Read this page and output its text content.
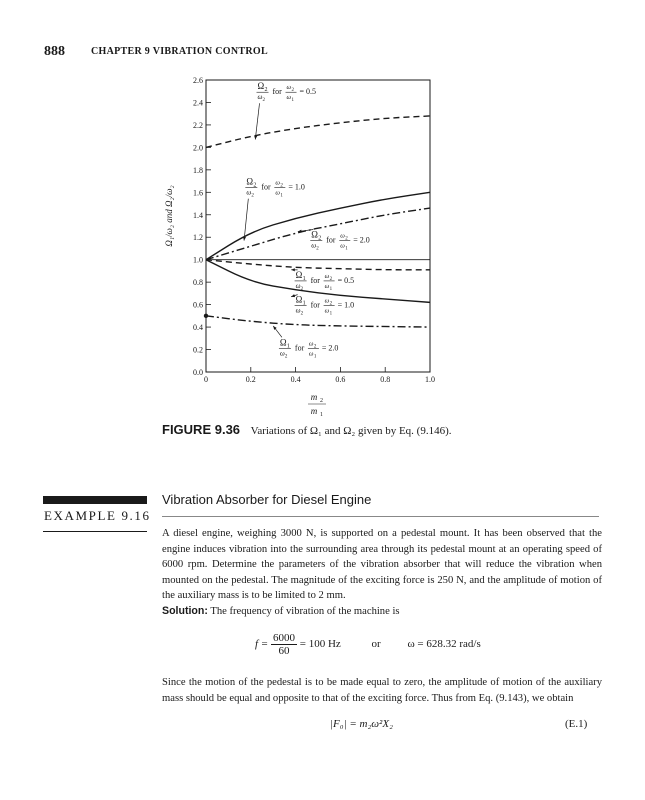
888	CHAPTER 9 VIBRATION CONTROL
0.0
0.2
0.4
0.6
0.8
1.0
1.2
1.4
1.6
1.8
2.0
2.2
2.4
2.6
0	0.2	0.4	0.6	0.8	1.0
Ω 2
ω 2
for ω 2
ω 1
= 0.5
Ω 2
ω 2
for ω 2
ω 1
= 1.0
Ω 2
ω 2
for ω 2
ω 1
= 2.0
Ω 1
ω 2
for ω 2
ω 1
= 0.5
Ω 1
ω 2
for ω 2
ω 1
= 1.0
Ω 1
ω 2
for ω 2
ω 1
= 2.0
Ω₁/ω₂ and Ω₂/ω₂
m 2
m 1
FIGURE 9.36 Variations of Ω₁ and Ω₂ given by Eq. (9.146).
EXAMPLE 9.16
Vibration Absorber for Diesel Engine
A diesel engine, weighing 3000 N, is supported on a pedestal mount. It has been observed that the engine induces vibration into the surrounding area through its pedestal mount at an operating speed of 6000 rpm. Determine the parameters of the vibration absorber that will reduce the vibration when mounted on the pedestal. The magnitude of the exciting force is 250 N, and the amplitude of motion of the auxiliary mass is to be limited to 2 mm.
Solution: The frequency of vibration of the machine is
$f = \frac{6000}{60} = 100$ Hz	or ω = 628.32 rad/s
Since the motion of the pedestal is to be made equal to zero, the amplitude of motion of the auxiliary mass should be equal and opposite to that of the exciting force. Thus from Eq. (9.143), we obtain
|F₀| = m₂ω²X₂	(E.1)
